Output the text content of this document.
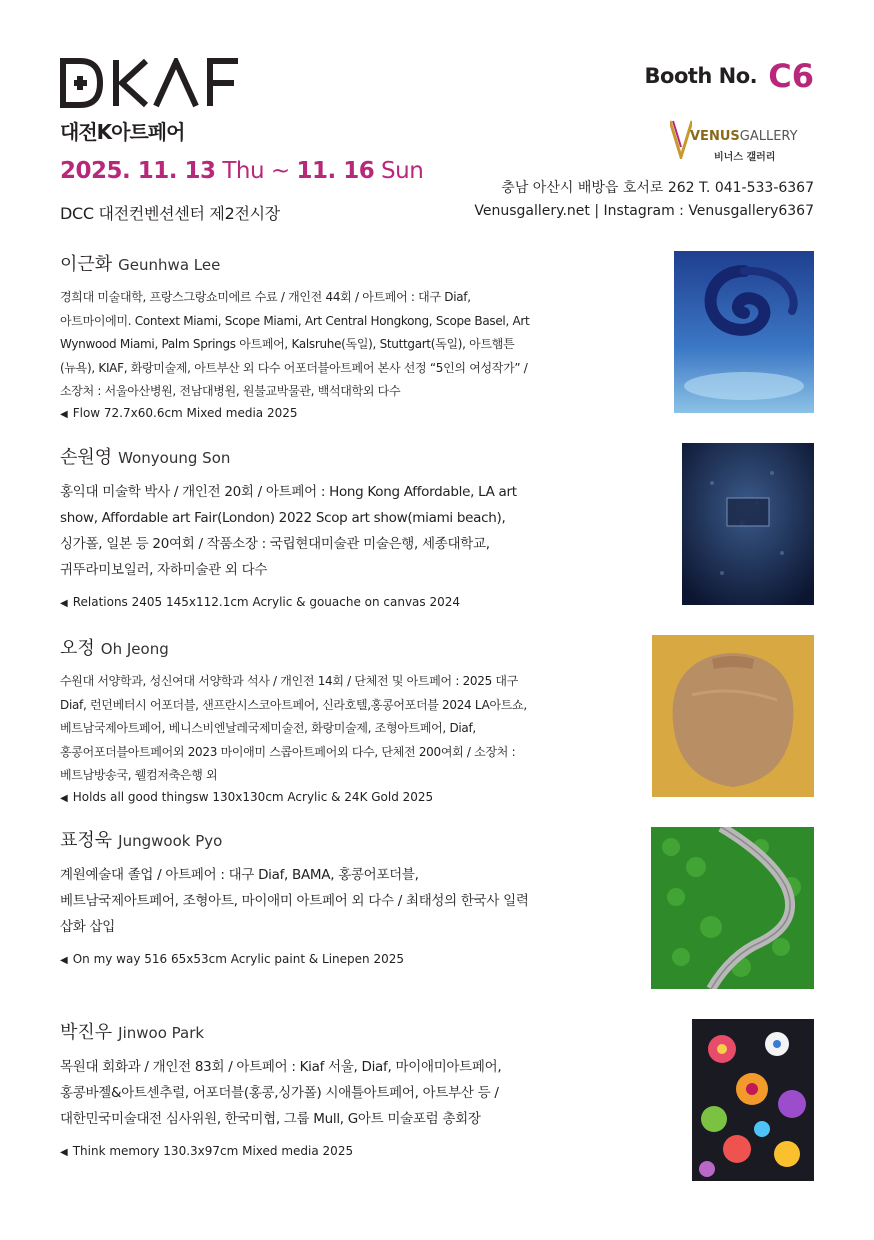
대전K아트페어
2025. 11. 13 Thu ~ 11. 16 Sun
DCC 대전컨벤션센터 제2전시장
Booth No. C6
VENUSGALLERY
비너스 갤러리
충남 아산시 배방읍 호서로 262 T. 041-533-6367
Venusgallery.net | Instagram : Venusgallery6367
이근화 Geunhwa Lee
경희대 미술대학, 프랑스그랑쇼미에르 수료 / 개인전 44회 / 아트페어 : 대구 Diaf, 아트마이에미. Context Miami, Scope Miami, Art Central Hongkong, Scope Basel, Art Wynwood Miami, Palm Springs 아트페어, Kalsruhe(독일), Stuttgart(독일), 아트햄튼(뉴욕), KIAF, 화랑미술제, 아트부산 외 다수 어포더블아트페어 본사 선정 “5인의 여성작가” / 소장처 : 서울아산병원, 전남대병원, 원불교박물관, 백석대학외 다수
◀ Flow 72.7x60.6cm Mixed media 2025
손원영 Wonyoung Son
홍익대 미술학 박사 / 개인전 20회 / 아트페어 : Hong Kong Affordable, LA art show, Affordable art Fair(London) 2022 Scop art show(miami beach), 싱가폴, 일본 등 20여회 / 작품소장 : 국립현대미술관 미술은행, 세종대학교, 귀뚜라미보일러, 자하미술관 외 다수
◀ Relations 2405 145x112.1cm Acrylic & gouache on canvas 2024
오정 Oh Jeong
수원대 서양학과, 성신여대 서양학과 석사 / 개인전 14회 / 단체전 및 아트페어 : 2025 대구 Diaf, 런던베터시 어포더블, 샌프란시스코아트페어, 신라호텔,홍콩어포더블 2024 LA아트쇼, 베트남국제아트페어, 베니스비엔날레국제미술전, 화랑미술제, 조형아트페어, Diaf, 홍콩어포더블아트페어외 2023 마이애미 스콥아트페어외 다수, 단체전 200여회 / 소장처 : 베트남방송국, 웰컴저축은행 외
◀ Holds all good thingsw 130x130cm Acrylic & 24K Gold 2025
표정욱 Jungwook Pyo
계원예술대 졸업 / 아트페어 : 대구 Diaf, BAMA, 홍콩어포더블, 베트남국제아트페어, 조형아트, 마이애미 아트페어 외 다수 / 최태성의 한국사 일력 삽화 삽입
◀ On my way 516 65x53cm Acrylic paint & Linepen 2025
박진우 Jinwoo Park
목원대 회화과 / 개인전 83회 / 아트페어 : Kiaf 서울, Diaf, 마이애미아트페어, 홍콩바젤&아트센추럴, 어포더블(홍콩,싱가폴) 시애틀아트페어, 아트부산 등 / 대한민국미술대전 심사위원, 한국미협, 그룹 Mull, G아트 미술포럼 총회장
◀ Think memory 130.3x97cm Mixed media 2025
